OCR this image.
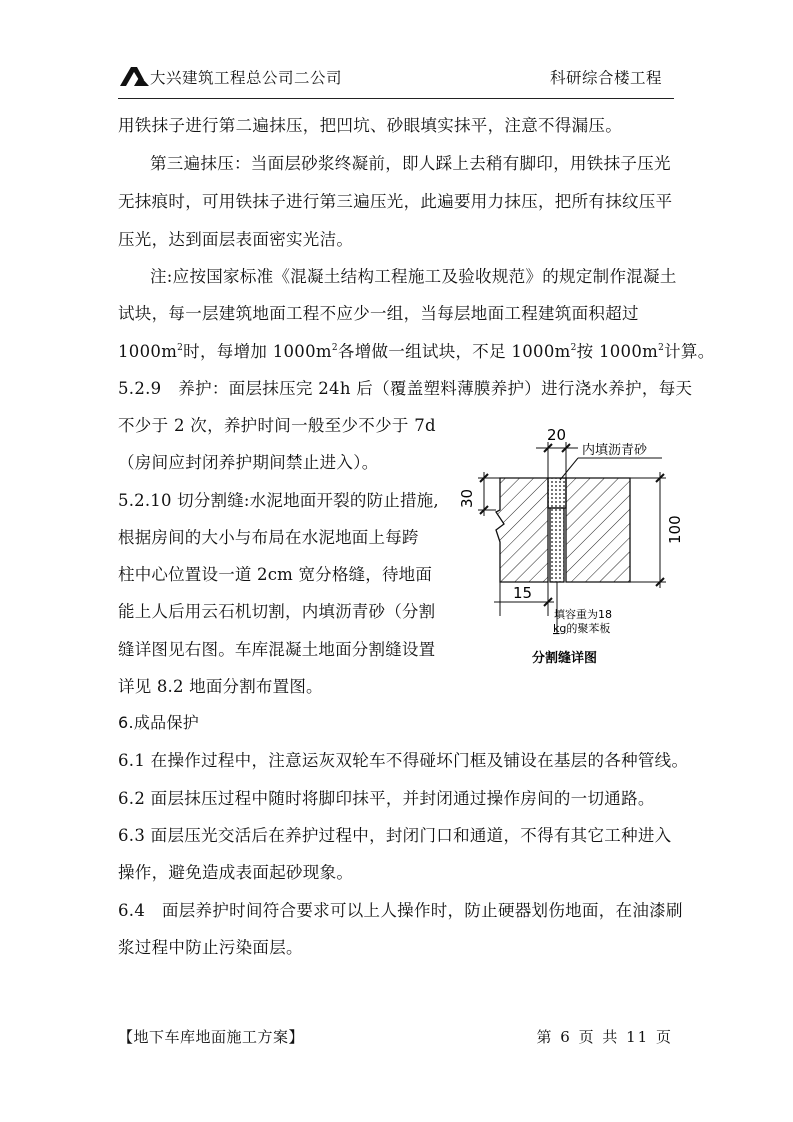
大兴建筑工程总公司二公司	科研综合楼工程
用铁抹子进行第二遍抹压，把凹坑、砂眼填实抹平，注意不得漏压。
第三遍抹压：当面层砂浆终凝前，即人踩上去稍有脚印，用铁抹子压光
无抹痕时，可用铁抹子进行第三遍压光，此遍要用力抹压，把所有抹纹压平
压光，达到面层表面密实光洁。
注:应按国家标准《混凝土结构工程施工及验收规范》的规定制作混凝土
试块，每一层建筑地面工程不应少一组，当每层地面工程建筑面积超过
$1000m^2$时，每增加 $1000m^2$各增做一组试块，不足 $1000m^2$按 $1000m^2$计算。
5.2.9　养护：面层抹压完 24h 后（覆盖塑料薄膜养护）进行浇水养护，每天
不少于 2 次，养护时间一般至少不少于 7d
（房间应封闭养护期间禁止进入）。
5.2.10 切分割缝:水泥地面开裂的防止措施,
根据房间的大小与布局在水泥地面上每跨
柱中心位置设一道 2cm 宽分格缝，待地面
能上人后用云石机切割，内填沥青砂（分割
缝详图见右图。车库混凝土地面分割缝设置
详见 8.2 地面分割布置图。
6.成品保护
6.1 在操作过程中，注意运灰双轮车不得碰坏门框及铺设在基层的各种管线。
6.2 面层抹压过程中随时将脚印抹平，并封闭通过操作房间的一切通路。
6.3 面层压光交活后在养护过程中，封闭门口和通道，不得有其它工种进入
操作，避免造成表面起砂现象。
6.4　面层养护时间符合要求可以上人操作时，防止硬器划伤地面，在油漆刷
浆过程中防止污染面层。
20
内填沥青砂
30
100
15
填容重为18
kg的聚苯板
分割缝详图
【地下车库地面施工方案】	第 6 页 共 11 页
